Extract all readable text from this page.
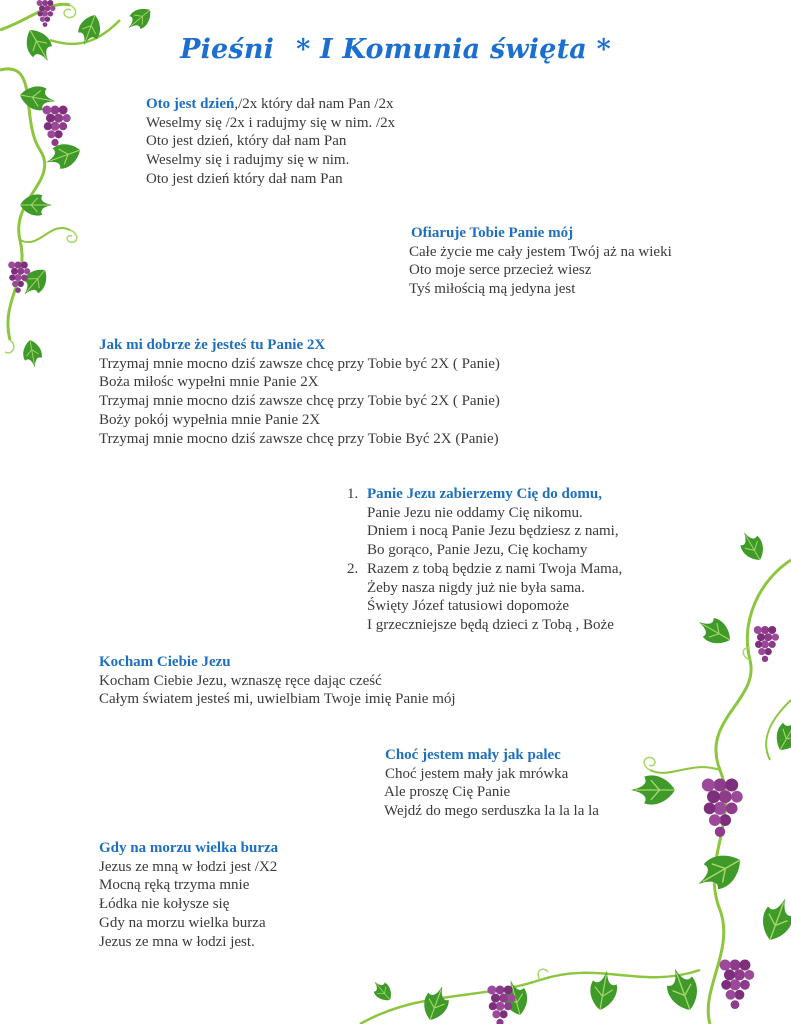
Pieśni * I Komunia święta *
Oto jest dzień,/2x który dał nam Pan /2x
Weselmy się /2x i radujmy się w nim. /2x
Oto jest dzień, który dał nam Pan
Weselmy się i radujmy się w nim.
Oto jest dzień który dał nam Pan
Ofiaruje Tobie Panie mój
Całe życie me cały jestem Twój aż na wieki
Oto moje serce przecież wiesz
Tyś miłością mą jedyna jest
Jak mi dobrze że jesteś tu Panie 2X
Trzymaj mnie mocno dziś zawsze chcę przy Tobie być 2X ( Panie)
Boża miłośc wypełni mnie Panie 2X
Trzymaj mnie mocno dziś zawsze chcę przy Tobie być 2X ( Panie)
Boży pokój wypełnia mnie Panie 2X
Trzymaj mnie mocno dziś zawsze chcę przy Tobie Być 2X (Panie)
1. Panie Jezu zabierzemy Cię do domu,
Panie Jezu nie oddamy Cię nikomu.
Dniem i nocą Panie Jezu będziesz z nami,
Bo gorąco, Panie Jezu, Cię kochamy
2. Razem z tobą będzie z nami Twoja Mama,
Żeby nasza nigdy już nie była sama.
Święty Józef tatusiowi dopomoże
I grzeczniejsze będą dzieci z Tobą , Boże
Kocham Ciebie Jezu
Kocham Ciebie Jezu, wznaszę ręce dając cześć
Całym światem jesteś mi, uwielbiam Twoje imię Panie mój
Choć jestem mały jak palec
Choć jestem mały jak mrówka
Ale proszę Cię Panie
Wejdź do mego serduszka la la la la
Gdy na morzu wielka burza
Jezus ze mną w łodzi jest /X2
Mocną ręką trzyma mnie
Łódka nie kołysze się
Gdy na morzu wielka burza
Jezus ze mna w łodzi jest.
